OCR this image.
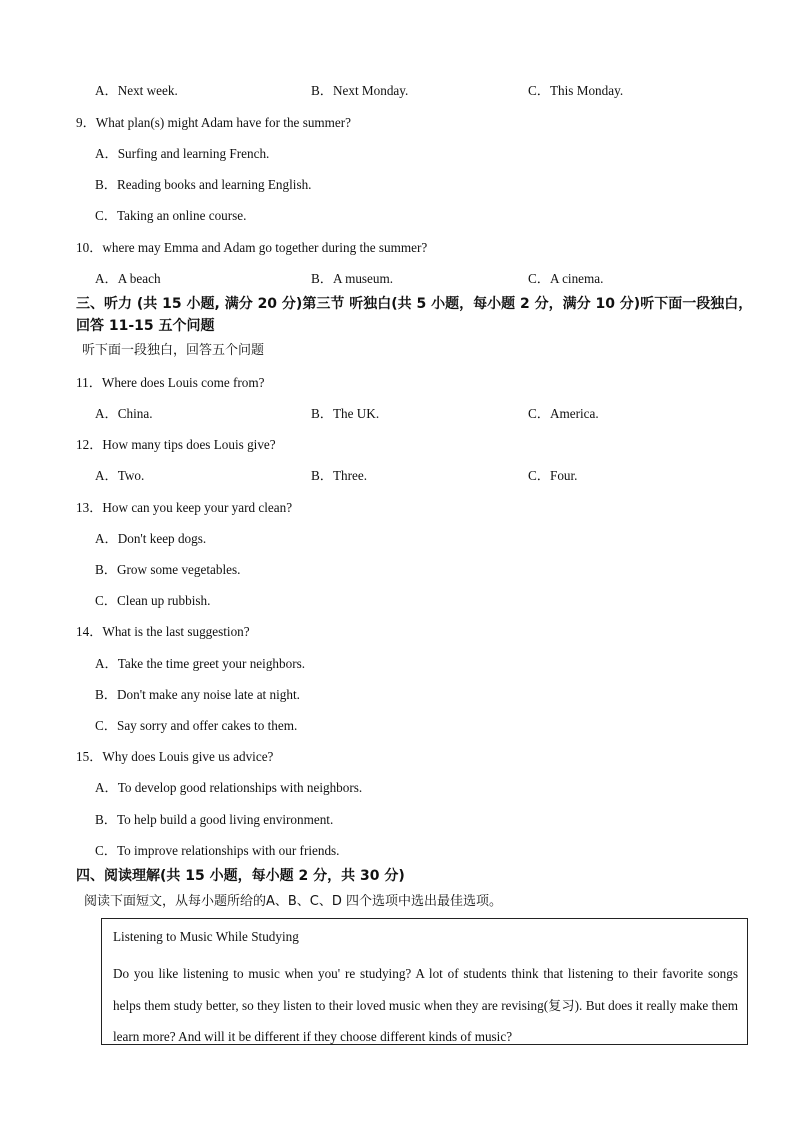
A．Next week.	B．Next Monday.	C．This Monday.
9．What plan(s) might Adam have for the summer?
A．Surfing and learning French.
B．Reading books and learning English.
C．Taking an online course.
10．where may Emma and Adam go together during the summer?
A．A beach	B．A museum.	C．A cinema.
三、听力 (共 15 小题, 满分 20 分)第三节 听独白(共 5 小题，每小题 2 分，满分 10 分)听下面一段独白，回答 11-15 五个问题
听下面一段独白，回答五个问题
11．Where does Louis come from?
A．China.	B．The UK.	C．America.
12．How many tips does Louis give?
A．Two.	B．Three.	C．Four.
13．How can you keep your yard clean?
A．Don't keep dogs.
B．Grow some vegetables.
C．Clean up rubbish.
14．What is the last suggestion?
A．Take the time greet your neighbors.
B．Don't make any noise late at night.
C．Say sorry and offer cakes to them.
15．Why does Louis give us advice?
A．To develop good relationships with neighbors.
B．To help build a good living environment.
C．To improve relationships with our friends.
四、阅读理解(共 15 小题，每小题 2 分，共 30 分)
阅读下面短文，从每小题所给的A、B、C、D 四个选项中选出最佳选项。
Listening to Music While Studying
Do you like listening to music when you' re studying? A lot of students think that listening to their favorite songs helps them study better, so they listen to their loved music when they are revising(复习). But does it really make them learn more? And will it be different if they choose different kinds of music?
